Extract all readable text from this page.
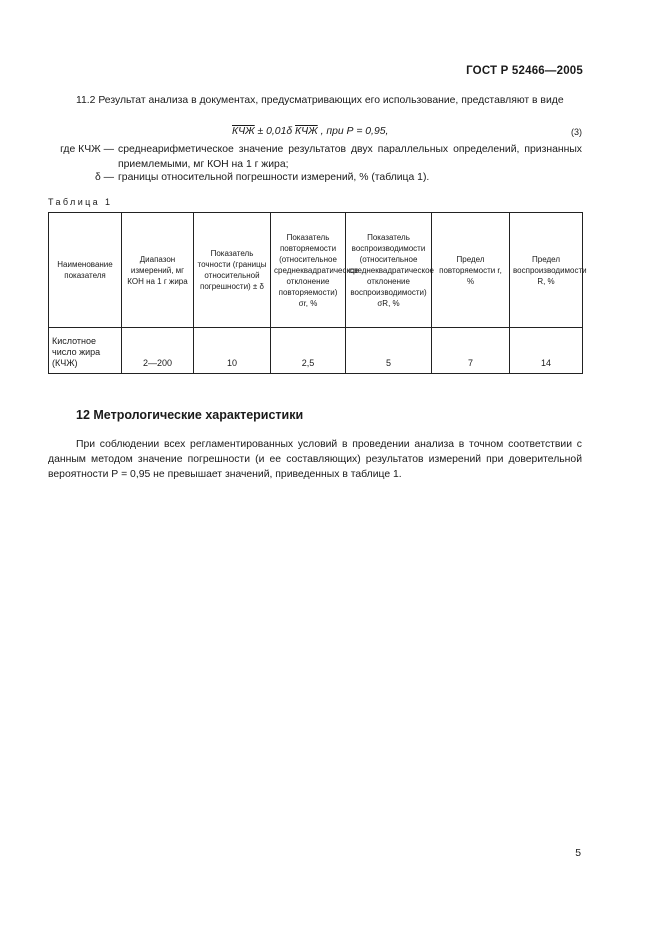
ГОСТ Р 52466—2005
11.2 Результат анализа в документах, предусматривающих его использование, представляют в виде
КЧЖ ± 0,01δ КЧЖ , при Р = 0,95,	(3)
где КЧЖ — среднеарифметическое значение результатов двух параллельных определений, признанных приемлемыми, мг КОН на 1 г жира;
δ — границы относительной погрешности измерений, % (таблица 1).
Таблица 1
Наименование показателя	Диапазон измерений, мг КОН на 1 г жира	Показатель точности (границы относительной погрешности) ± δ	Показатель повторяемости (относительное среднеквадратическое отклонение повторяемости) σr, %	Показатель воспроизводимости (относительное среднеквадратическое отклонение воспроизводимости) σR, %	Предел повторяемости r, %	Предел воспроизводимости R, %
Кислотное число жира (КЧЖ)	2—200	10	2,5	5	7	14
12 Метрологические характеристики
При соблюдении всех регламентированных условий в проведении анализа в точном соответствии с данным методом значение погрешности (и ее составляющих) результатов измерений при доверительной вероятности Р = 0,95 не превышает значений, приведенных в таблице 1.
5
